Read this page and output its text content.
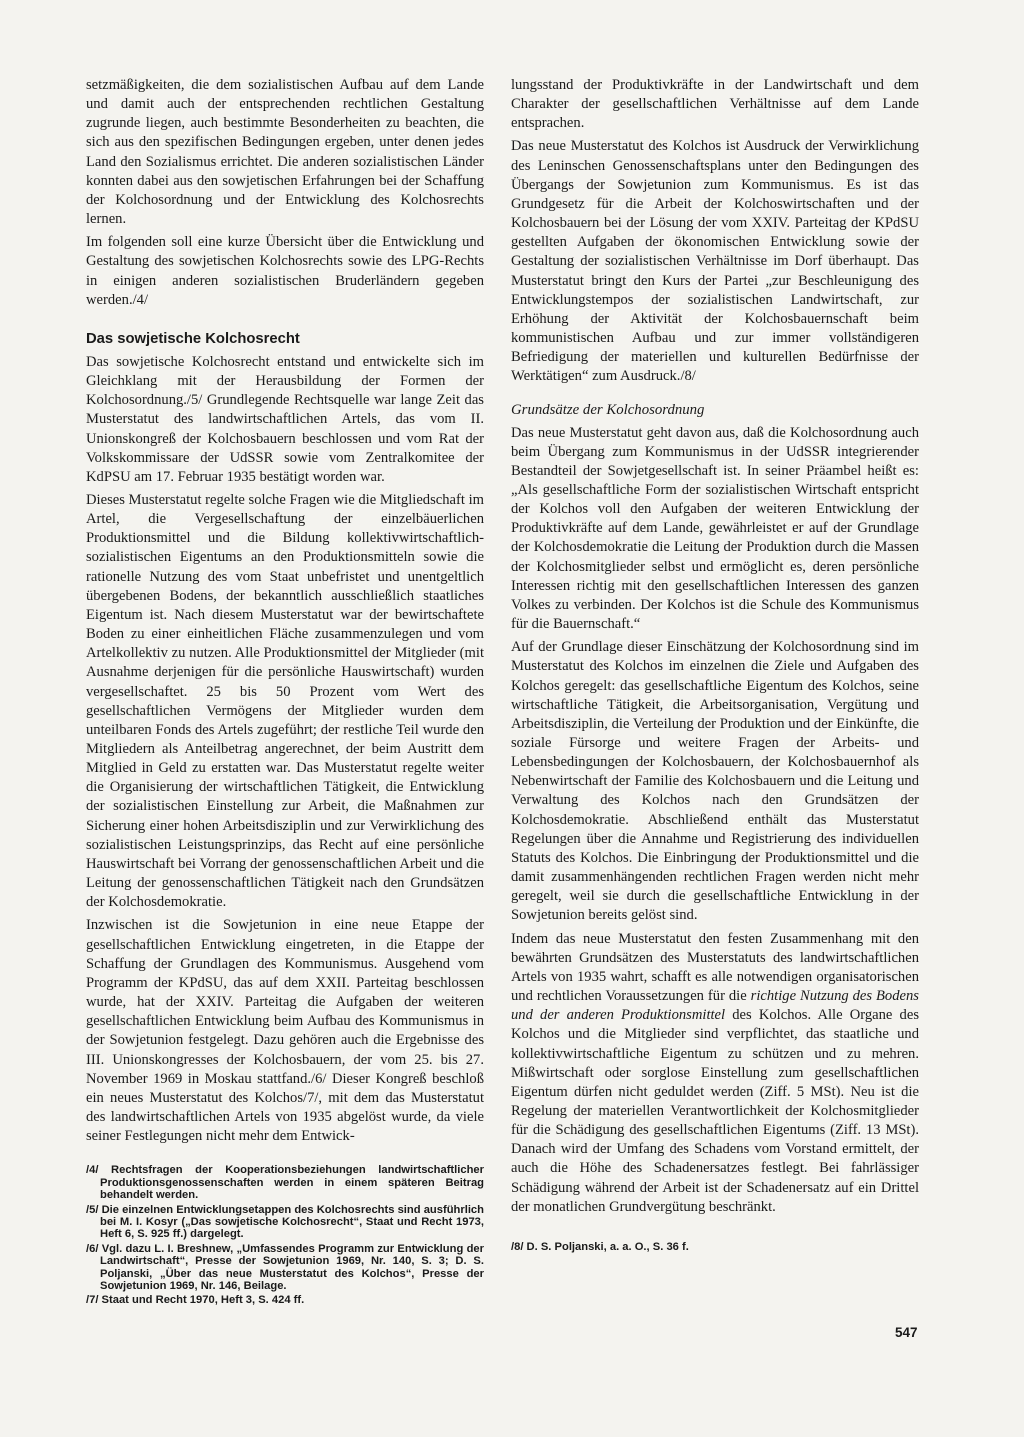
setzmäßigkeiten, die dem sozialistischen Aufbau auf dem Lande und damit auch der entsprechenden rechtlichen Gestaltung zugrunde liegen, auch bestimmte Besonderheiten zu beachten, die sich aus den spezifischen Bedingungen ergeben, unter denen jedes Land den Sozialismus errichtet. Die anderen sozialistischen Länder konnten dabei aus den sowjetischen Erfahrungen bei der Schaffung der Kolchosordnung und der Entwicklung des Kolchosrechts lernen.

Im folgenden soll eine kurze Übersicht über die Entwicklung und Gestaltung des sowjetischen Kolchosrechts sowie des LPG-Rechts in einigen anderen sozialistischen Bruderländern gegeben werden./4/

Das sowjetische Kolchosrecht

Das sowjetische Kolchosrecht entstand und entwickelte sich im Gleichklang mit der Herausbildung der Formen der Kolchosordnung./5/ Grundlegende Rechtsquelle war lange Zeit das Musterstatut des landwirtschaftlichen Artels, das vom II. Unionskongreß der Kolchosbauern beschlossen und vom Rat der Volkskommissare der UdSSR sowie vom Zentralkomitee der KdPSU am 17. Februar 1935 bestätigt worden war.

Dieses Musterstatut regelte solche Fragen wie die Mitgliedschaft im Artel, die Vergesellschaftung der einzelbäuerlichen Produktionsmittel und die Bildung kollektivwirtschaftlich-sozialistischen Eigentums an den Produktionsmitteln sowie die rationelle Nutzung des vom Staat unbefristet und unentgeltlich übergebenen Bodens, der bekanntlich ausschließlich staatliches Eigentum ist. Nach diesem Musterstatut war der bewirtschaftete Boden zu einer einheitlichen Fläche zusammenzulegen und vom Artelkollektiv zu nutzen. Alle Produktionsmittel der Mitglieder (mit Ausnahme derjenigen für die persönliche Hauswirtschaft) wurden vergesellschaftet. 25 bis 50 Prozent vom Wert des gesellschaftlichen Vermögens der Mitglieder wurden dem unteilbaren Fonds des Artels zugeführt; der restliche Teil wurde den Mitgliedern als Anteilbetrag angerechnet, der beim Austritt dem Mitglied in Geld zu erstatten war. Das Musterstatut regelte weiter die Organisierung der wirtschaftlichen Tätigkeit, die Entwicklung der sozialistischen Einstellung zur Arbeit, die Maßnahmen zur Sicherung einer hohen Arbeitsdisziplin und zur Verwirklichung des sozialistischen Leistungsprinzips, das Recht auf eine persönliche Hauswirtschaft bei Vorrang der genossenschaftlichen Arbeit und die Leitung der genossenschaftlichen Tätigkeit nach den Grundsätzen der Kolchosdemokratie.

Inzwischen ist die Sowjetunion in eine neue Etappe der gesellschaftlichen Entwicklung eingetreten, in die Etappe der Schaffung der Grundlagen des Kommunismus. Ausgehend vom Programm der KPdSU, das auf dem XXII. Parteitag beschlossen wurde, hat der XXIV. Parteitag die Aufgaben der weiteren gesellschaftlichen Entwicklung beim Aufbau des Kommunismus in der Sowjetunion festgelegt. Dazu gehören auch die Ergebnisse des III. Unionskongresses der Kolchosbauern, der vom 25. bis 27. November 1969 in Moskau stattfand./6/ Dieser Kongreß beschloß ein neues Musterstatut des Kolchos/7/, mit dem das Musterstatut des landwirtschaftlichen Artels von 1935 abgelöst wurde, da viele seiner Festlegungen nicht mehr dem Entwick-

/4/ Rechtsfragen der Kooperationsbeziehungen landwirtschaftlicher Produktionsgenossenschaften werden in einem späteren Beitrag behandelt werden.

/5/ Die einzelnen Entwicklungsetappen des Kolchosrechts sind ausführlich bei M. I. Kosyr („Das sowjetische Kolchosrecht“, Staat und Recht 1973, Heft 6, S. 925 ff.) dargelegt.

/6/ Vgl. dazu L. I. Breshnew, „Umfassendes Programm zur Entwicklung der Landwirtschaft“, Presse der Sowjetunion 1969, Nr. 140, S. 3; D. S. Poljanski, „Über das neue Musterstatut des Kolchos“, Presse der Sowjetunion 1969, Nr. 146, Beilage.

/7/ Staat und Recht 1970, Heft 3, S. 424 ff.

lungsstand der Produktivkräfte in der Landwirtschaft und dem Charakter der gesellschaftlichen Verhältnisse auf dem Lande entsprachen.

Das neue Musterstatut des Kolchos ist Ausdruck der Verwirklichung des Leninschen Genossenschaftsplans unter den Bedingungen des Übergangs der Sowjetunion zum Kommunismus. Es ist das Grundgesetz für die Arbeit der Kolchoswirtschaften und der Kolchosbauern bei der Lösung der vom XXIV. Parteitag der KPdSU gestellten Aufgaben der ökonomischen Entwicklung sowie der Gestaltung der sozialistischen Verhältnisse im Dorf überhaupt. Das Musterstatut bringt den Kurs der Partei „zur Beschleunigung des Entwicklungstempos der sozialistischen Landwirtschaft, zur Erhöhung der Aktivität der Kolchosbauernschaft beim kommunistischen Aufbau und zur immer vollständigeren Befriedigung der materiellen und kulturellen Bedürfnisse der Werktätigen“ zum Ausdruck./8/

Grundsätze der Kolchosordnung

Das neue Musterstatut geht davon aus, daß die Kolchosordnung auch beim Übergang zum Kommunismus in der UdSSR integrierender Bestandteil der Sowjetgesellschaft ist. In seiner Präambel heißt es: „Als gesellschaftliche Form der sozialistischen Wirtschaft entspricht der Kolchos voll den Aufgaben der weiteren Entwicklung der Produktivkräfte auf dem Lande, gewährleistet er auf der Grundlage der Kolchosdemokratie die Leitung der Produktion durch die Massen der Kolchosmitglieder selbst und ermöglicht es, deren persönliche Interessen richtig mit den gesellschaftlichen Interessen des ganzen Volkes zu verbinden. Der Kolchos ist die Schule des Kommunismus für die Bauernschaft.“

Auf der Grundlage dieser Einschätzung der Kolchosordnung sind im Musterstatut des Kolchos im einzelnen die Ziele und Aufgaben des Kolchos geregelt: das gesellschaftliche Eigentum des Kolchos, seine wirtschaftliche Tätigkeit, die Arbeitsorganisation, Vergütung und Arbeitsdisziplin, die Verteilung der Produktion und der Einkünfte, die soziale Fürsorge und weitere Fragen der Arbeits- und Lebensbedingungen der Kolchosbauern, der Kolchosbauernhof als Nebenwirtschaft der Familie des Kolchosbauern und die Leitung und Verwaltung des Kolchos nach den Grundsätzen der Kolchosdemokratie. Abschließend enthält das Musterstatut Regelungen über die Annahme und Registrierung des individuellen Statuts des Kolchos. Die Einbringung der Produktionsmittel und die damit zusammenhängenden rechtlichen Fragen werden nicht mehr geregelt, weil sie durch die gesellschaftliche Entwicklung in der Sowjetunion bereits gelöst sind.

Indem das neue Musterstatut den festen Zusammenhang mit den bewährten Grundsätzen des Musterstatuts des landwirtschaftlichen Artels von 1935 wahrt, schafft es alle notwendigen organisatorischen und rechtlichen Voraussetzungen für die richtige Nutzung des Bodens und der anderen Produktionsmittel des Kolchos. Alle Organe des Kolchos und die Mitglieder sind verpflichtet, das staatliche und kollektivwirtschaftliche Eigentum zu schützen und zu mehren. Mißwirtschaft oder sorglose Einstellung zum gesellschaftlichen Eigentum dürfen nicht geduldet werden (Ziff. 5 MSt). Neu ist die Regelung der materiellen Verantwortlichkeit der Kolchosmitglieder für die Schädigung des gesellschaftlichen Eigentums (Ziff. 13 MSt). Danach wird der Umfang des Schadens vom Vorstand ermittelt, der auch die Höhe des Schadenersatzes festlegt. Bei fahrlässiger Schädigung während der Arbeit ist der Schadenersatz auf ein Drittel der monatlichen Grundvergütung beschränkt.

/8/ D. S. Poljanski, a. a. O., S. 36 f.

547
